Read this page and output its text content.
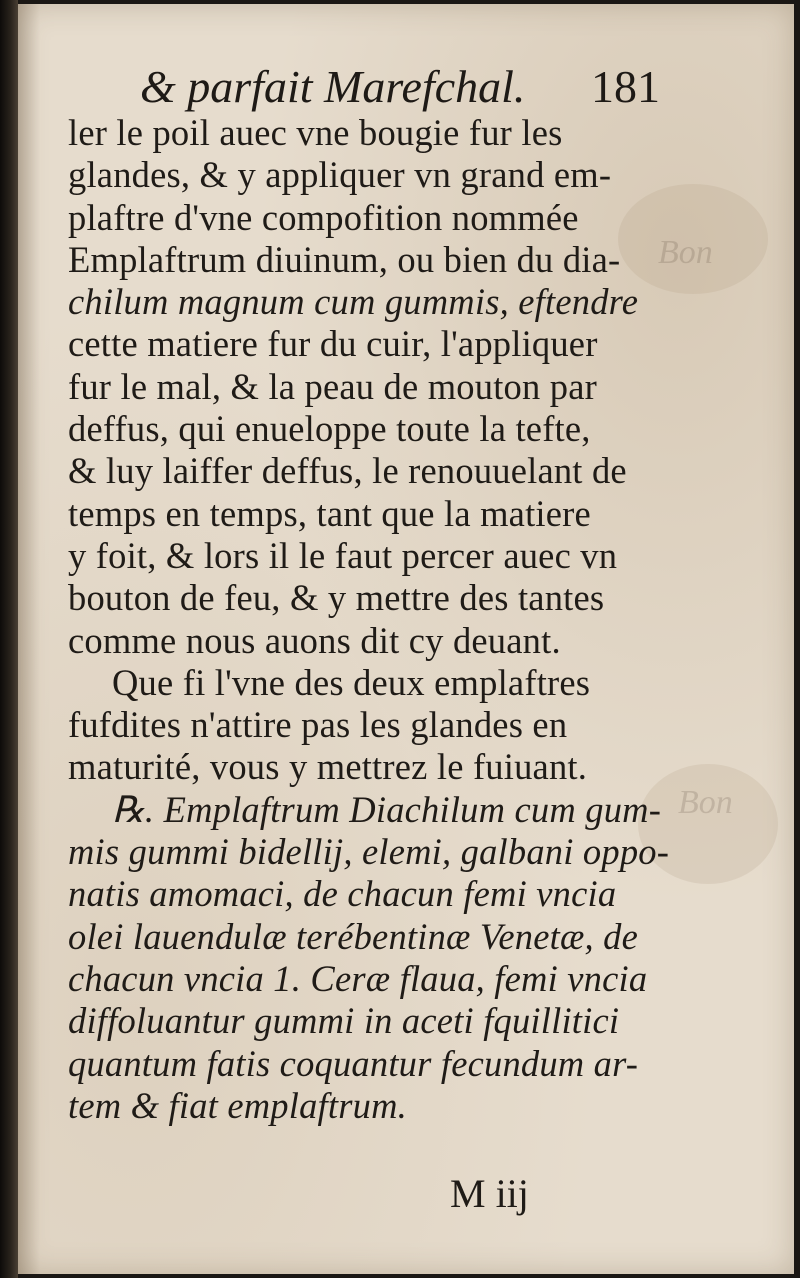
Bon
Bon
& parfait Marefchal. 181
ler le poil auec vne bougie fur les
glandes, & y appliquer vn grand em-
plaftre d'vne compofition nommée
Emplaftrum diuinum, ou bien du dia-
chilum magnum cum gummis, eftendre
cette matiere fur du cuir, l'appliquer
fur le mal, & la peau de mouton par
deffus, qui enueloppe toute la tefte,
& luy laiffer deffus, le renouuelant de
temps en temps, tant que la matiere
y foit, & lors il le faut percer auec vn
bouton de feu, & y mettre des tantes
comme nous auons dit cy deuant.
Que fi l'vne des deux emplaftres
fufdites n'attire pas les glandes en
maturité, vous y mettrez le fuiuant.
℞. Emplaftrum Diachilum cum gum-
mis gummi bidellij, elemi, galbani oppo-
natis amomaci, de chacun femi vncia
olei lauendulæ terébentinæ Venetæ, de
chacun vncia 1. Ceræ flaua, femi vncia
diffoluantur gummi in aceti fquillitici
quantum fatis coquantur fecundum ar-
tem & fiat emplaftrum.
M iij
